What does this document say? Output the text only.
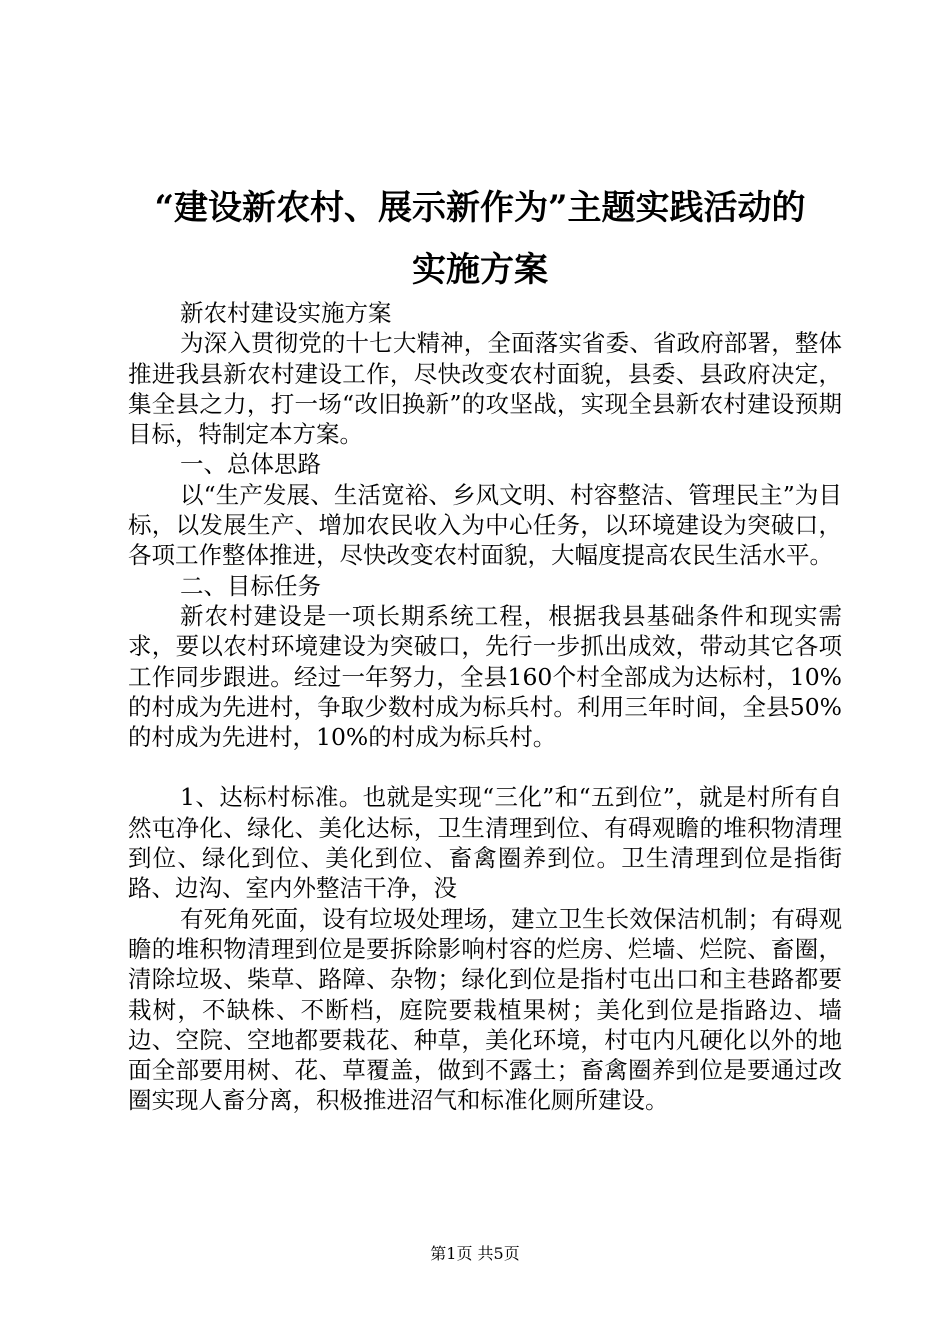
“建设新农村、展示新作为”主题实践活动的
实施方案

新农村建设实施方案

为深入贯彻党的十七大精神，全面落实省委、省政府部署，整体推进我县新农村建设工作，尽快改变农村面貌，县委、县政府决定，集全县之力，打一场“改旧换新”的攻坚战，实现全县新农村建设预期目标，特制定本方案。

一、总体思路

以“生产发展、生活宽裕、乡风文明、村容整洁、管理民主”为目标，以发展生产、增加农民收入为中心任务，以环境建设为突破口，各项工作整体推进，尽快改变农村面貌，大幅度提高农民生活水平。

二、目标任务

新农村建设是一项长期系统工程，根据我县基础条件和现实需求，要以农村环境建设为突破口，先行一步抓出成效，带动其它各项工作同步跟进。经过一年努力，全县160个村全部成为达标村，10%的村成为先进村，争取少数村成为标兵村。利用三年时间，全县50%的村成为先进村，10%的村成为标兵村。

1、达标村标准。也就是实现“三化”和“五到位”，就是村所有自然屯净化、绿化、美化达标，卫生清理到位、有碍观瞻的堆积物清理到位、绿化到位、美化到位、畜禽圈养到位。卫生清理到位是指街路、边沟、室内外整洁干净，没

有死角死面，设有垃圾处理场，建立卫生长效保洁机制；有碍观瞻的堆积物清理到位是要拆除影响村容的烂房、烂墙、烂院、畜圈，清除垃圾、柴草、路障、杂物；绿化到位是指村屯出口和主巷路都要栽树，不缺株、不断档，庭院要栽植果树；美化到位是指路边、墙边、空院、空地都要栽花、种草，美化环境，村屯内凡硬化以外的地面全部要用树、花、草覆盖，做到不露土；畜禽圈养到位是要通过改圈实现人畜分离，积极推进沼气和标准化厕所建设。

第1页 共5页
